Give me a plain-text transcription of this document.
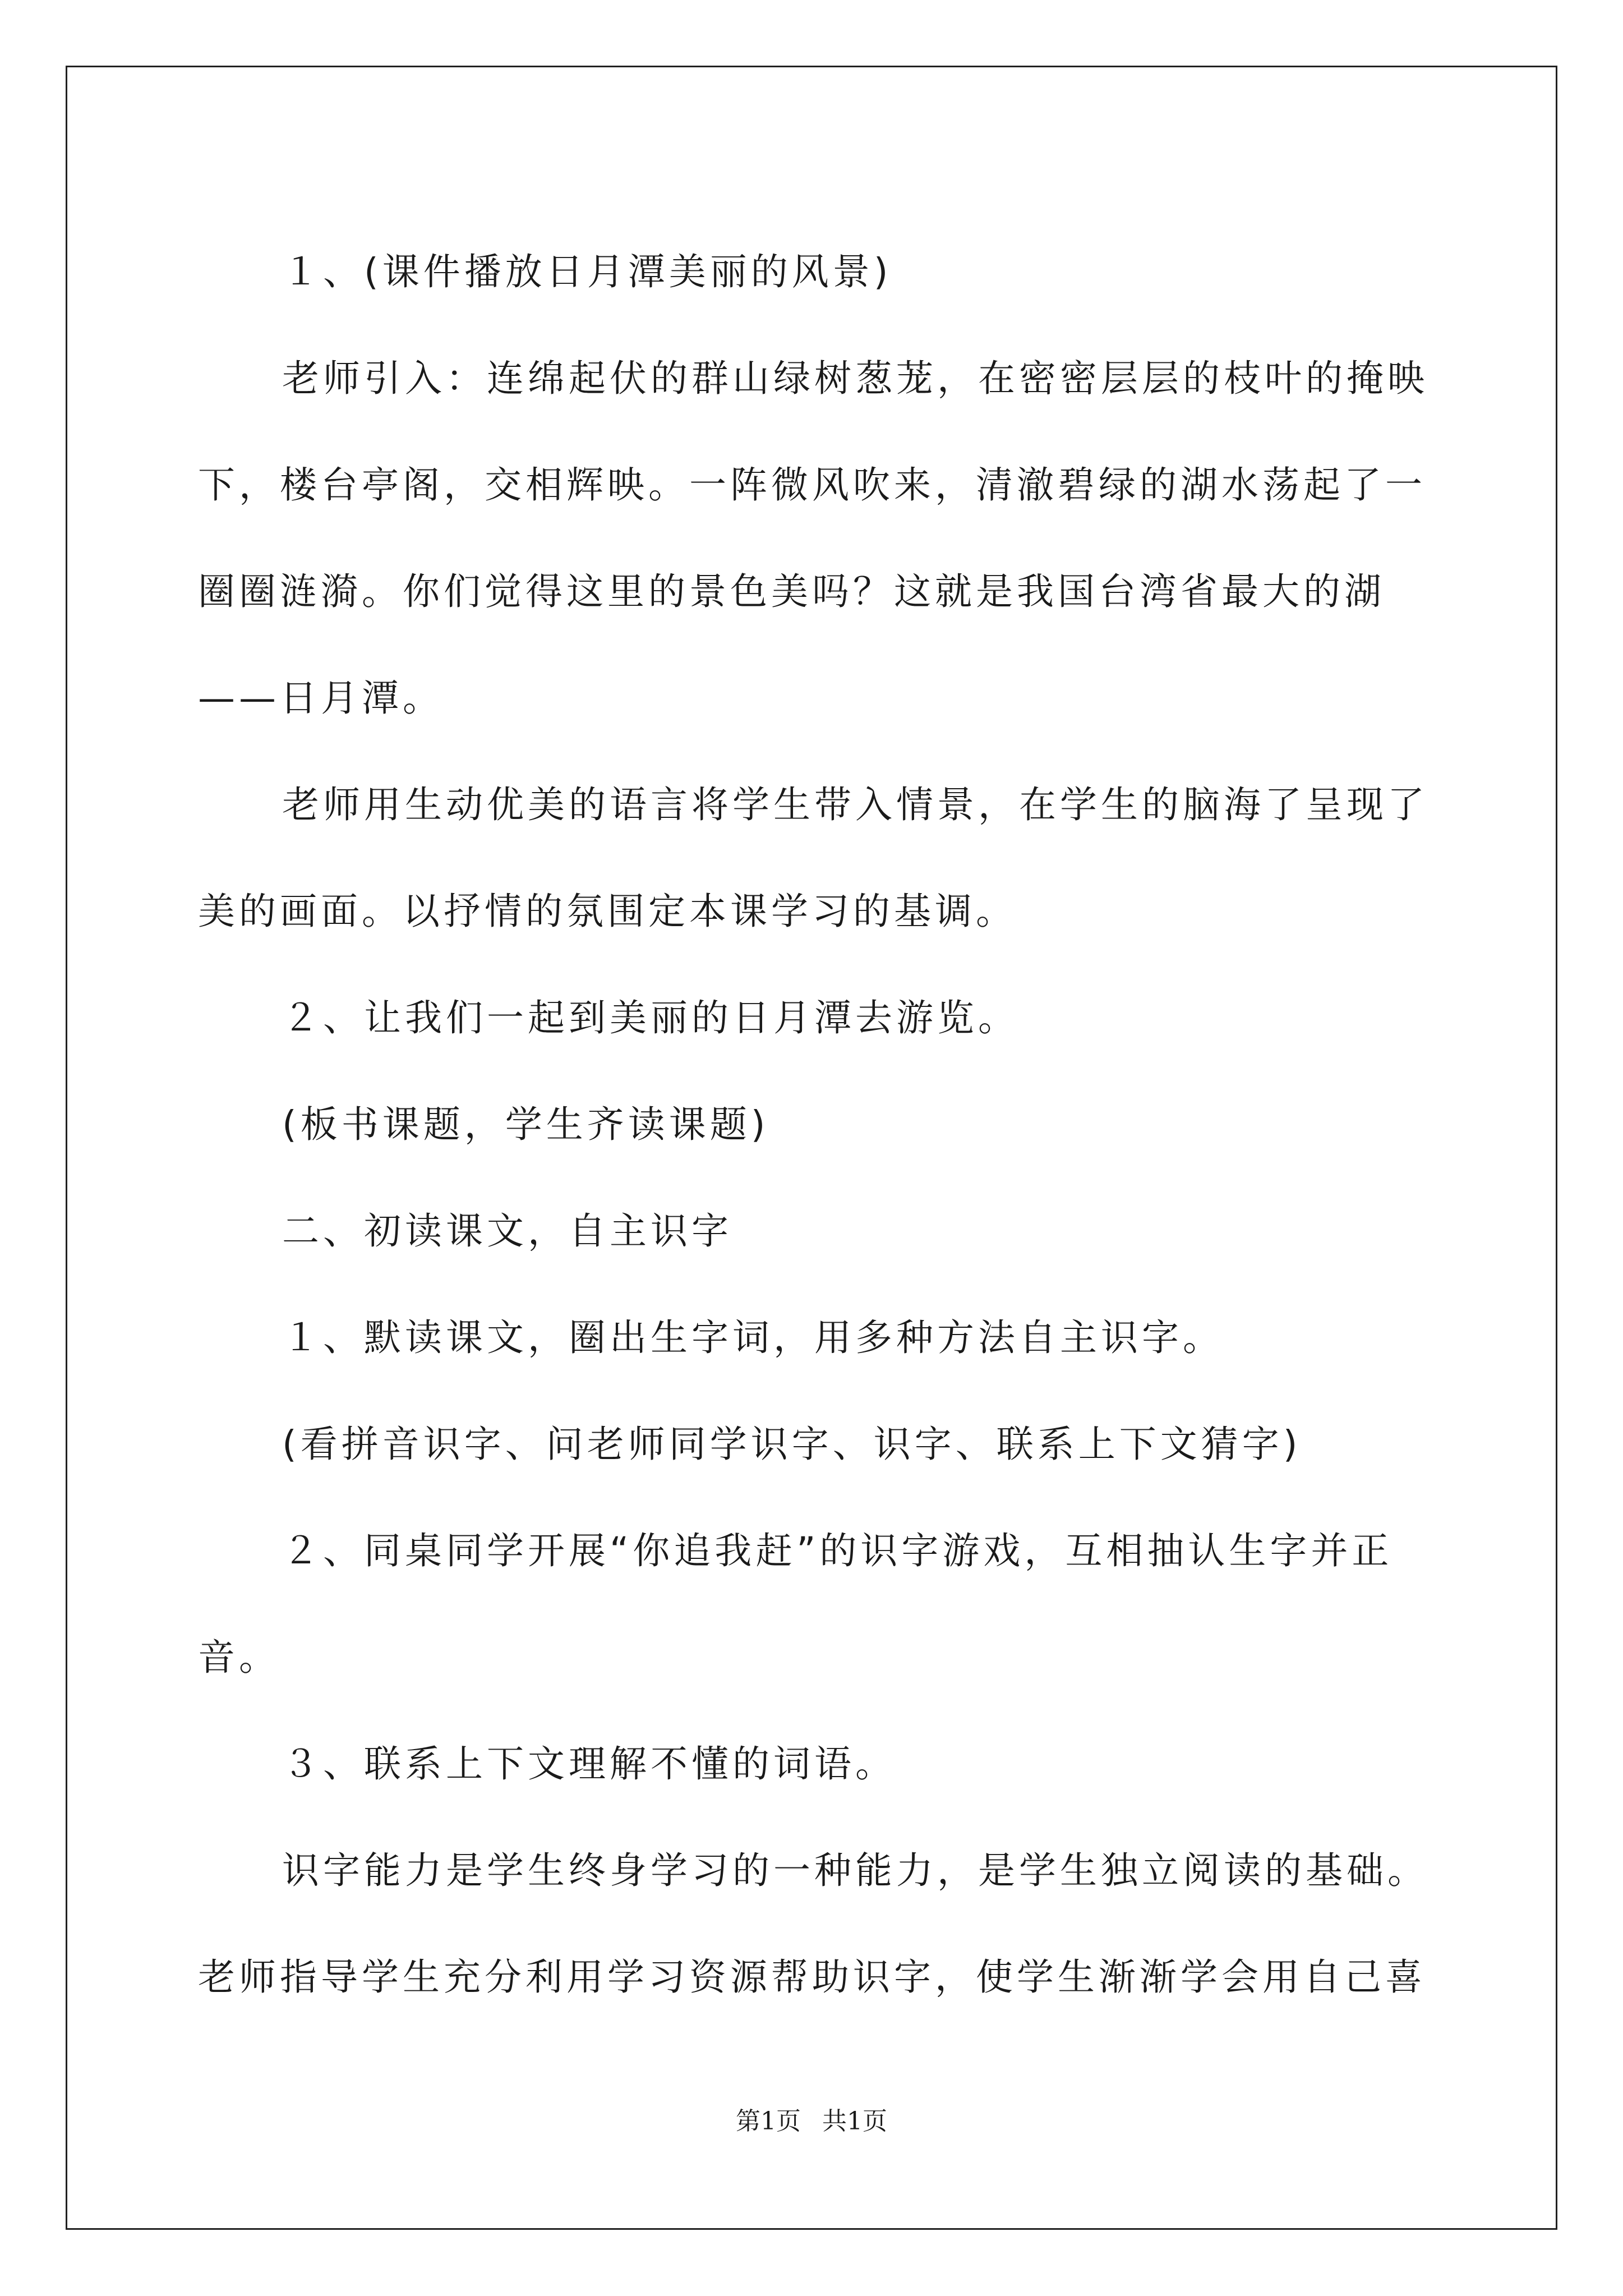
１、(课件播放日月潭美丽的风景)

老师引入：连绵起伏的群山绿树葱茏，在密密层层的枝叶的掩映下，楼台亭阁，交相辉映。一阵微风吹来，清澈碧绿的湖水荡起了一圈圈涟漪。你们觉得这里的景色美吗？这就是我国台湾省最大的湖——日月潭。

老师用生动优美的语言将学生带入情景，在学生的脑海了呈现了美的画面。以抒情的氛围定本课学习的基调。

２、让我们一起到美丽的日月潭去游览。

(板书课题，学生齐读课题)

二、初读课文，自主识字

１、默读课文，圈出生字词，用多种方法自主识字。

(看拼音识字、问老师同学识字、识字、联系上下文猜字)

２、同桌同学开展“你追我赶”的识字游戏，互相抽认生字并正音。

３、联系上下文理解不懂的词语。

识字能力是学生终身学习的一种能力，是学生独立阅读的基础。老师指导学生充分利用学习资源帮助识字，使学生渐渐学会用自己喜

第1页 共1页
